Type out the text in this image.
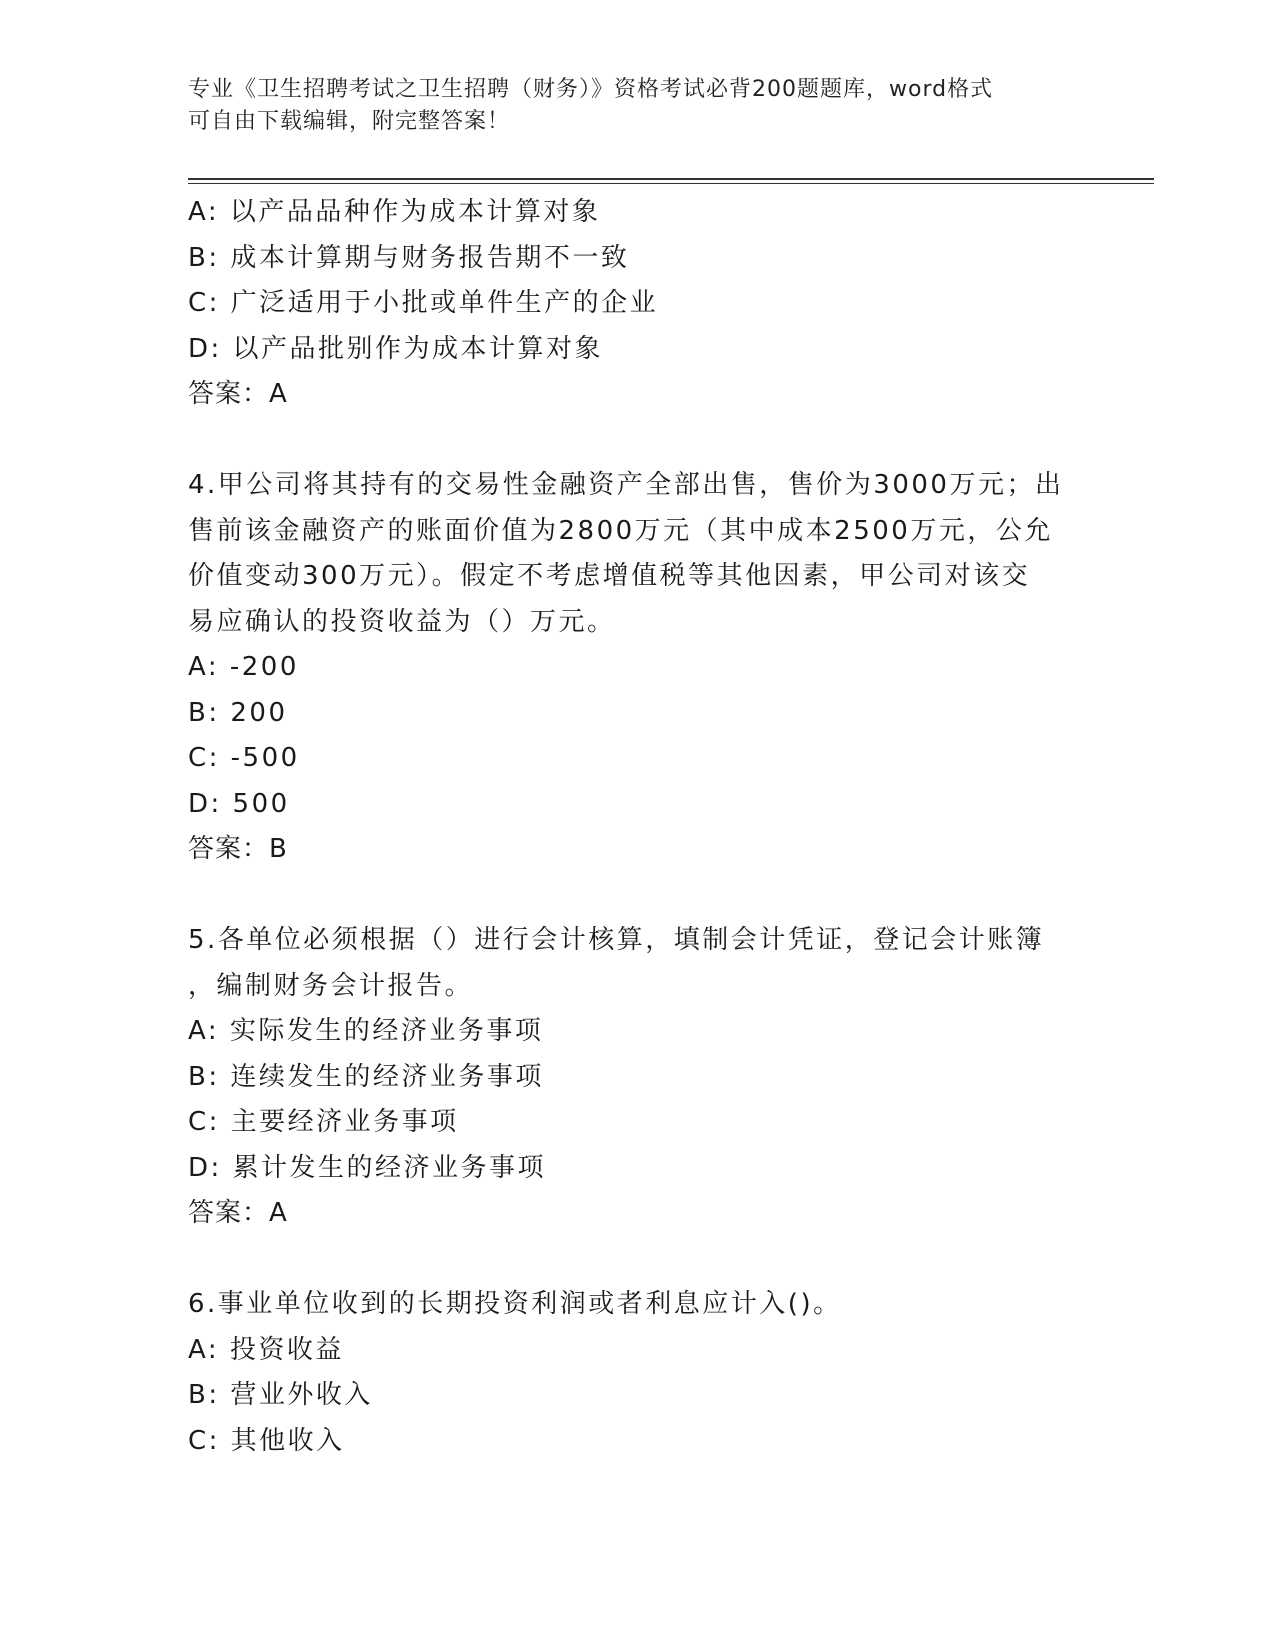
专业《卫生招聘考试之卫生招聘（财务）》资格考试必背200题题库，word格式
可自由下载编辑，附完整答案！
A: 以产品品种作为成本计算对象
B: 成本计算期与财务报告期不一致
C: 广泛适用于小批或单件生产的企业
D: 以产品批别作为成本计算对象
答案：A
4.甲公司将其持有的交易性金融资产全部出售，售价为3000万元；出
售前该金融资产的账面价值为2800万元（其中成本2500万元，公允
价值变动300万元）。假定不考虑增值税等其他因素，甲公司对该交
易应确认的投资收益为（）万元。
A: -200
B: 200
C: -500
D: 500
答案：B
5.各单位必须根据（）进行会计核算，填制会计凭证，登记会计账簿
，编制财务会计报告。
A: 实际发生的经济业务事项
B: 连续发生的经济业务事项
C: 主要经济业务事项
D: 累计发生的经济业务事项
答案：A
6.事业单位收到的长期投资利润或者利息应计入()。
A: 投资收益
B: 营业外收入
C: 其他收入
